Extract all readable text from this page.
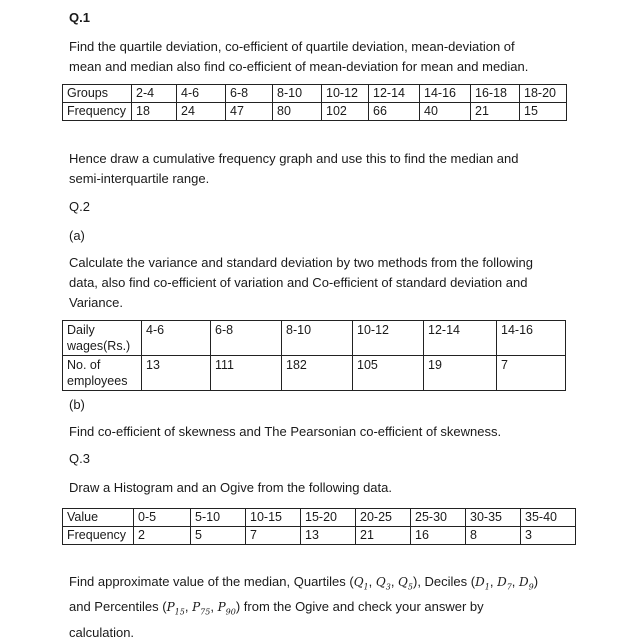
Q.1
Find the quartile deviation, co-efficient of quartile deviation, mean-deviation of
mean and median also find co-efficient of mean-deviation for mean and median.
Groups	2-4	4-6	6-8	8-10	10-12	12-14	14-16	16-18	18-20
Frequency	18	24	47	80	102	66	40	21	15
Hence draw a cumulative frequency graph and use this to find the median and
semi-interquartile range.
Q.2
(a)
Calculate the variance and standard deviation by two methods from the following
data, also find co-efficient of variation and Co-efficient of standard deviation and
Variance.
Daily
wages(Rs.)	4-6	6-8	8-10	10-12	12-14	14-16

No. of
employees	13	111	182	105	19	7
(b)
Find co-efficient of skewness and The Pearsonian co-efficient of skewness.
Q.3
Draw a Histogram and an Ogive from the following data.
Value	0-5	5-10	10-15	15-20	20-25	25-30	30-35	35-40
Frequency	2	5	7	13	21	16	8	3
Find approximate value of the median, Quartiles ($Q_1$, $Q_3$, $Q_5$), Deciles ($D_1$, $D_7$, $D_9$)
and Percentiles ($P_{15}$, $P_{75}$, $P_{90}$) from the Ogive and check your answer by
calculation.
